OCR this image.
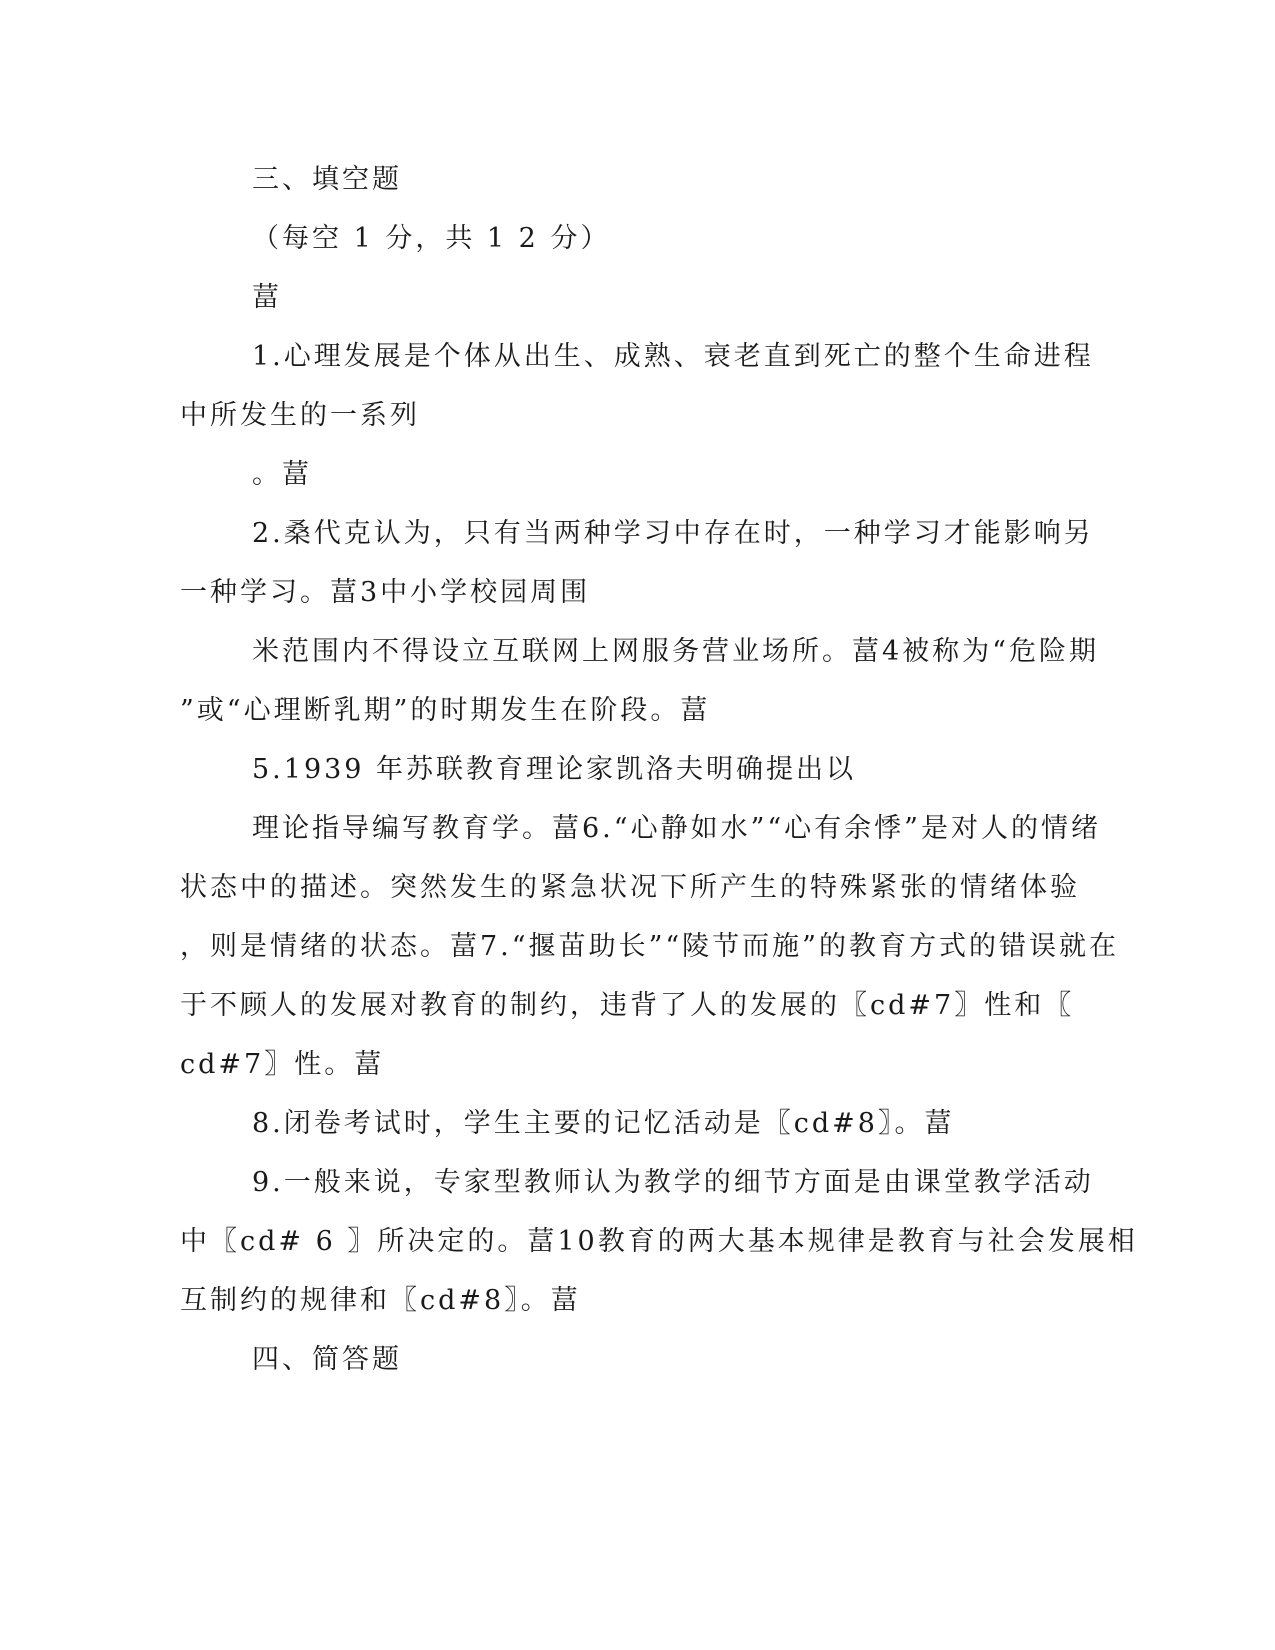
三、填空题
（每空 1 分，共 1 2 分）
葍
1.心理发展是个体从出生、成熟、衰老直到死亡的整个生命进程
中所发生的一系列
。葍
2.桑代克认为，只有当两种学习中存在时，一种学习才能影响另
一种学习。葍3中小学校园周围
米范围内不得设立互联网上网服务营业场所。葍4被称为“危险期
”或“心理断乳期”的时期发生在阶段。葍
5.1939 年苏联教育理论家凯洛夫明确提出以
理论指导编写教育学。葍6.“心静如水”“心有余悸”是对人的情绪
状态中的描述。突然发生的紧急状况下所产生的特殊紧张的情绪体验
，则是情绪的状态。葍7.“揠苗助长”“陵节而施”的教育方式的错误就在
于不顾人的发展对教育的制约，违背了人的发展的〖cd#7〗性和〖
cd#7〗性。葍
8.闭卷考试时，学生主要的记忆活动是〖cd#8〗。葍
9.一般来说，专家型教师认为教学的细节方面是由课堂教学活动
中〖cd# 6 〗所决定的。葍10教育的两大基本规律是教育与社会发展相
互制约的规律和〖cd#8〗。葍
四、简答题
